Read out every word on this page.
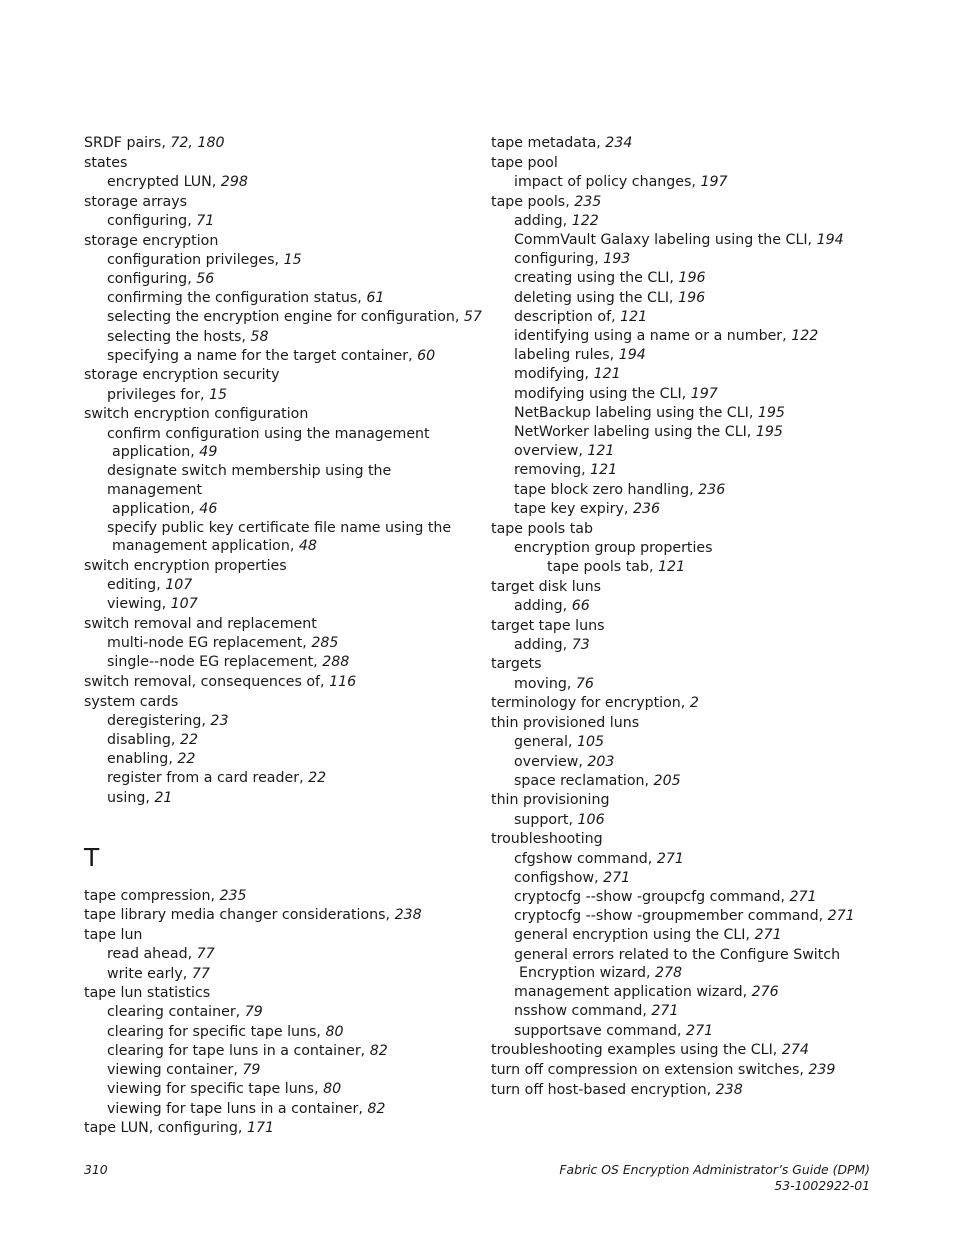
SRDF pairs, 72, 180
states
encrypted LUN, 298
storage arrays
configuring, 71
storage encryption
configuration privileges, 15
configuring, 56
confirming the configuration status, 61
selecting the encryption engine for configuration, 57
selecting the hosts, 58
specifying a name for the target container, 60
storage encryption security
privileges for, 15
switch encryption configuration
confirm configuration using the management
application, 49
designate switch membership using the management
application, 46
specify public key certificate file name using the
management application, 48
switch encryption properties
editing, 107
viewing, 107
switch removal and replacement
multi-node EG replacement, 285
single--node EG replacement, 288
switch removal, consequences of, 116
system cards
deregistering, 23
disabling, 22
enabling, 22
register from a card reader, 22
using, 21
T
tape compression, 235
tape library media changer considerations, 238
tape lun
read ahead, 77
write early, 77
tape lun statistics
clearing container, 79
clearing for specific tape luns, 80
clearing for tape luns in a container, 82
viewing container, 79
viewing for specific tape luns, 80
viewing for tape luns in a container, 82
tape LUN, configuring, 171
tape metadata, 234
tape pool
impact of policy changes, 197
tape pools, 235
adding, 122
CommVault Galaxy labeling using the CLI, 194
configuring, 193
creating using the CLI, 196
deleting using the CLI, 196
description of, 121
identifying using a name or a number, 122
labeling rules, 194
modifying, 121
modifying using the CLI, 197
NetBackup labeling using the CLI, 195
NetWorker labeling using the CLI, 195
overview, 121
removing, 121
tape block zero handling, 236
tape key expiry, 236
tape pools tab
encryption group properties
tape pools tab, 121
target disk luns
adding, 66
target tape luns
adding, 73
targets
moving, 76
terminology for encryption, 2
thin provisioned luns
general, 105
overview, 203
space reclamation, 205
thin provisioning
support, 106
troubleshooting
cfgshow command, 271
configshow, 271
cryptocfg --show -groupcfg command, 271
cryptocfg --show -groupmember command, 271
general encryption using the CLI, 271
general errors related to the Configure Switch
Encryption wizard, 278
management application wizard, 276
nsshow command, 271
supportsave command, 271
troubleshooting examples using the CLI, 274
turn off compression on extension switches, 239
turn off host-based encryption, 238
310	Fabric OS Encryption Administrator’s Guide (DPM)
53-1002922-01
